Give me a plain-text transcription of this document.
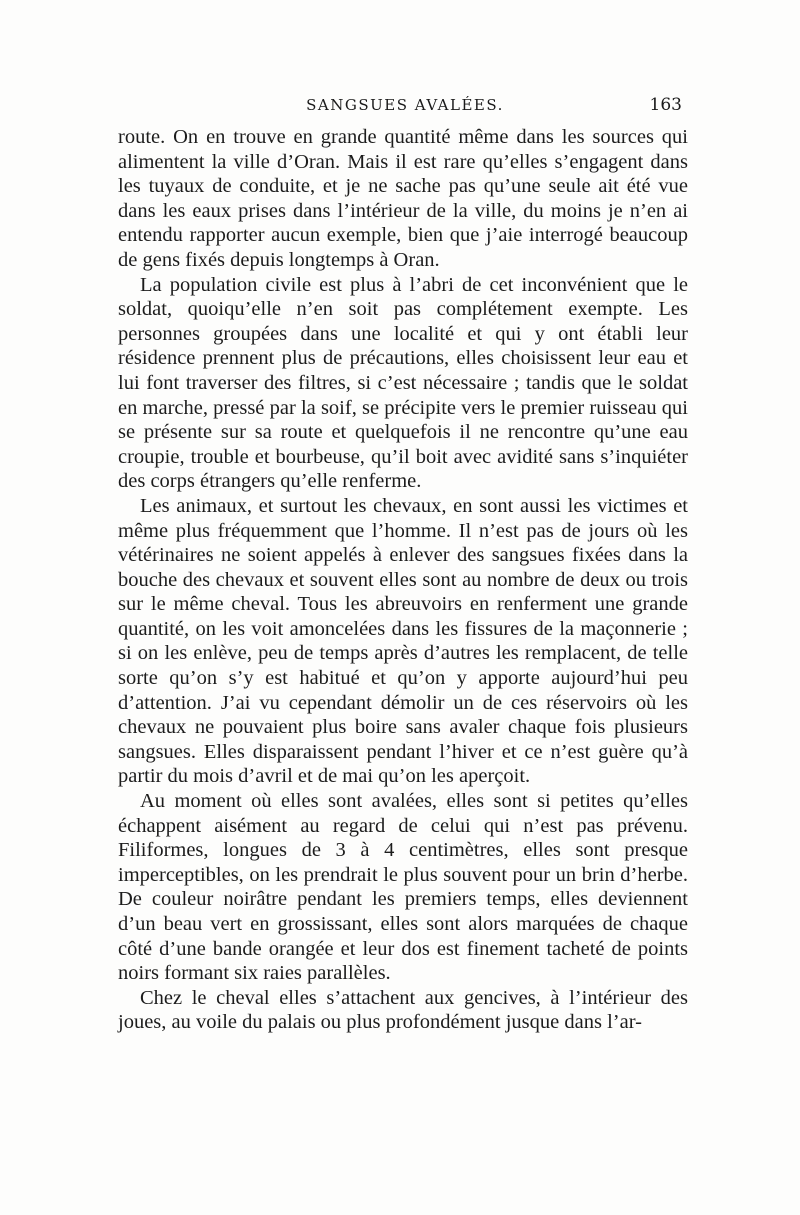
SANGSUES AVALÉES.	163

route. On en trouve en grande quantité même dans les sources qui alimentent la ville d’Oran. Mais il est rare qu’elles s’engagent dans les tuyaux de conduite, et je ne sache pas qu’une seule ait été vue dans les eaux prises dans l’intérieur de la ville, du moins je n’en ai entendu rapporter aucun exemple, bien que j’aie interrogé beaucoup de gens fixés depuis longtemps à Oran.

La population civile est plus à l’abri de cet inconvénient que le soldat, quoiqu’elle n’en soit pas complétement exempte. Les personnes groupées dans une localité et qui y ont établi leur résidence prennent plus de précautions, elles choisissent leur eau et lui font traverser des filtres, si c’est nécessaire ; tandis que le soldat en marche, pressé par la soif, se précipite vers le premier ruisseau qui se présente sur sa route et quelquefois il ne rencontre qu’une eau croupie, trouble et bourbeuse, qu’il boit avec avidité sans s’inquiéter des corps étrangers qu’elle renferme.

Les animaux, et surtout les chevaux, en sont aussi les victimes et même plus fréquemment que l’homme. Il n’est pas de jours où les vétérinaires ne soient appelés à enlever des sangsues fixées dans la bouche des chevaux et souvent elles sont au nombre de deux ou trois sur le même cheval. Tous les abreuvoirs en renferment une grande quantité, on les voit amoncelées dans les fissures de la maçonnerie ; si on les enlève, peu de temps après d’autres les remplacent, de telle sorte qu’on s’y est habitué et qu’on y apporte aujourd’hui peu d’attention. J’ai vu cependant démolir un de ces réservoirs où les chevaux ne pouvaient plus boire sans avaler chaque fois plusieurs sangsues. Elles disparaissent pendant l’hiver et ce n’est guère qu’à partir du mois d’avril et de mai qu’on les aperçoit.

Au moment où elles sont avalées, elles sont si petites qu’elles échappent aisément au regard de celui qui n’est pas prévenu. Filiformes, longues de 3 à 4 centimètres, elles sont presque imperceptibles, on les prendrait le plus souvent pour un brin d’herbe. De couleur noirâtre pendant les premiers temps, elles deviennent d’un beau vert en grossissant, elles sont alors marquées de chaque côté d’une bande orangée et leur dos est finement tacheté de points noirs formant six raies parallèles.

Chez le cheval elles s’attachent aux gencives, à l’intérieur des joues, au voile du palais ou plus profondément jusque dans l’ar-
